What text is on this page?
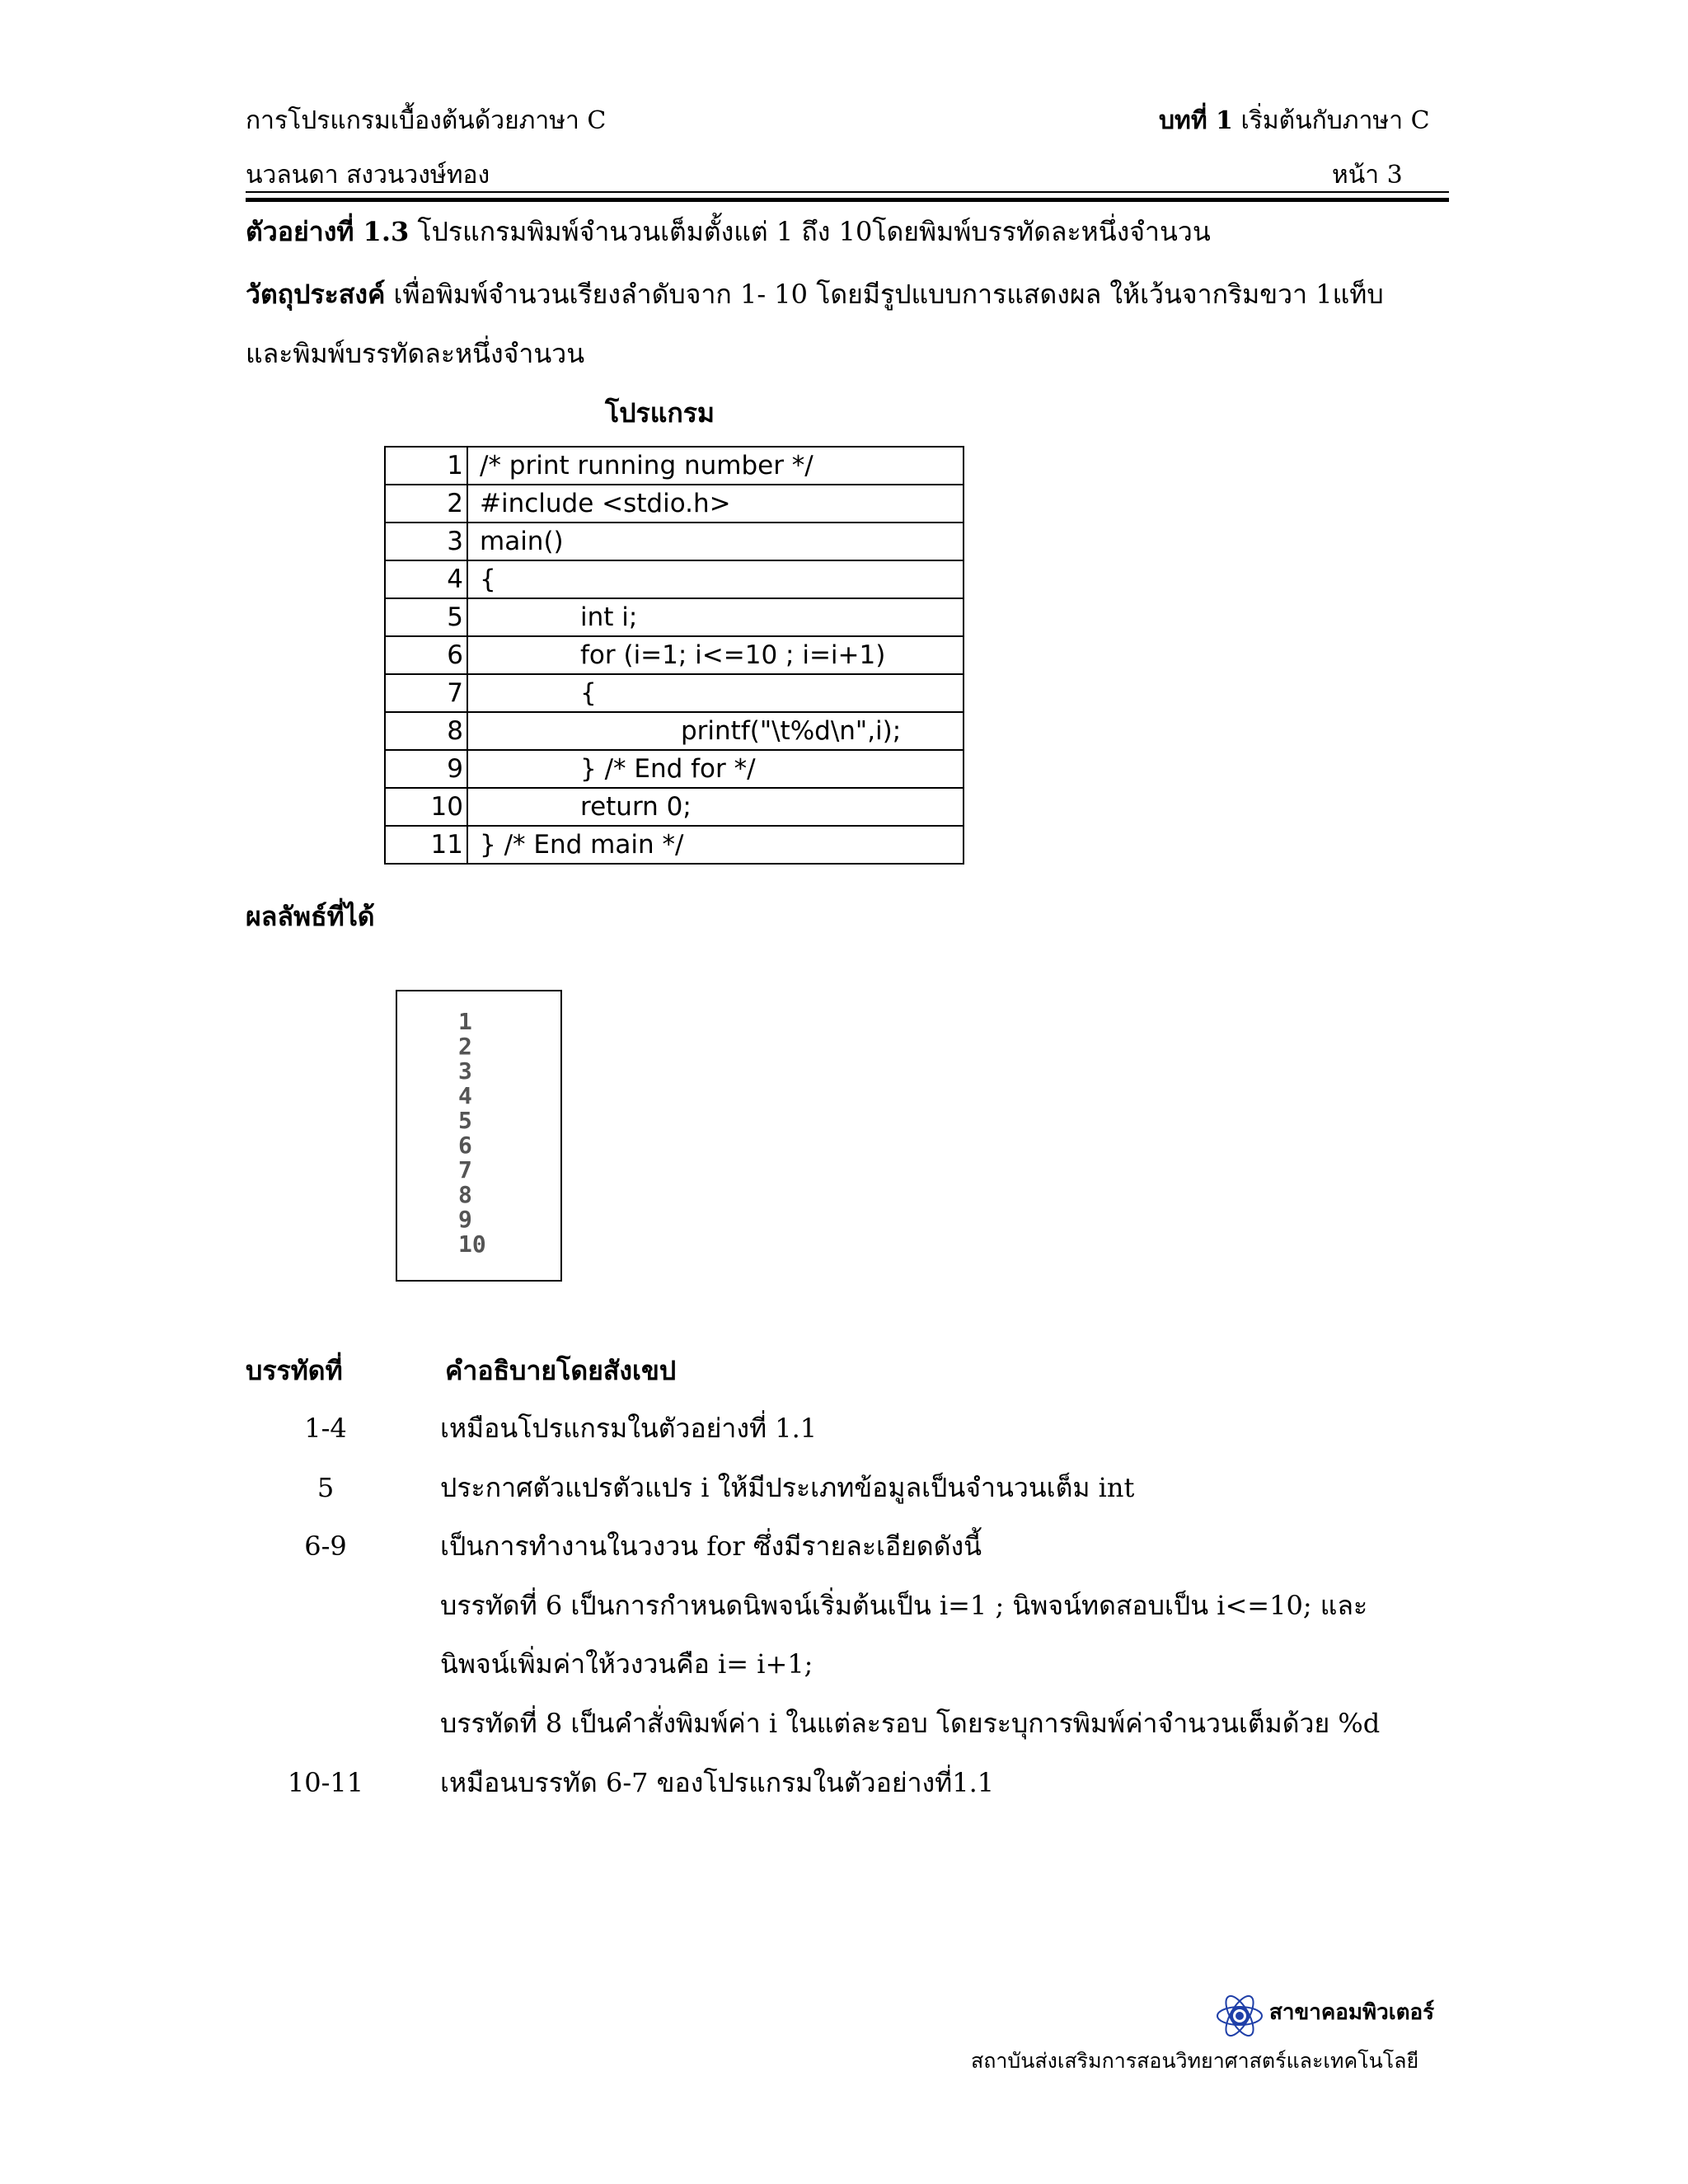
การโปรแกรมเบื้องต้นด้วยภาษา C	บทที่ 1 เริ่มต้นกับภาษา C
นวลนดา สงวนวงษ์ทอง	หน้า 3
ตัวอย่างที่ 1.3 โปรแกรมพิมพ์จำนวนเต็มตั้งแต่ 1 ถึง 10โดยพิมพ์บรรทัดละหนึ่งจำนวน
วัตถุประสงค์ เพื่อพิมพ์จำนวนเรียงลำดับจาก 1- 10 โดยมีรูปแบบการแสดงผล ให้เว้นจากริมขวา 1แท็บ
และพิมพ์บรรทัดละหนึ่งจำนวน
โปรแกรม
1	/* print running number */
2	#include <stdio.h>
3	main()
4	{
5	int i;
6	for (i=1; i<=10 ; i=i+1)
7	{
8	printf("\t%d\n",i);
9	} /* End for */
10	return 0;
11	} /* End main */
ผลลัพธ์ที่ได้
1
2
3
4
5
6
7
8
9
10
บรรทัดที่	คำอธิบายโดยสังเขป
1-4	เหมือนโปรแกรมในตัวอย่างที่ 1.1
5	ประกาศตัวแปรตัวแปร i ให้มีประเภทข้อมูลเป็นจำนวนเต็ม int
6-9	เป็นการทำงานในวงวน for ซึ่งมีรายละเอียดดังนี้
บรรทัดที่ 6 เป็นการกำหนดนิพจน์เริ่มต้นเป็น i=1 ; นิพจน์ทดสอบเป็น i<=10; และ
นิพจน์เพิ่มค่าให้วงวนคือ i= i+1;
บรรทัดที่ 8 เป็นคำสั่งพิมพ์ค่า i ในแต่ละรอบ โดยระบุการพิมพ์ค่าจำนวนเต็มด้วย %d
10-11	เหมือนบรรทัด 6-7 ของโปรแกรมในตัวอย่างที่1.1
สาขาคอมพิวเตอร์
สถาบันส่งเสริมการสอนวิทยาศาสตร์และเทคโนโลยี
